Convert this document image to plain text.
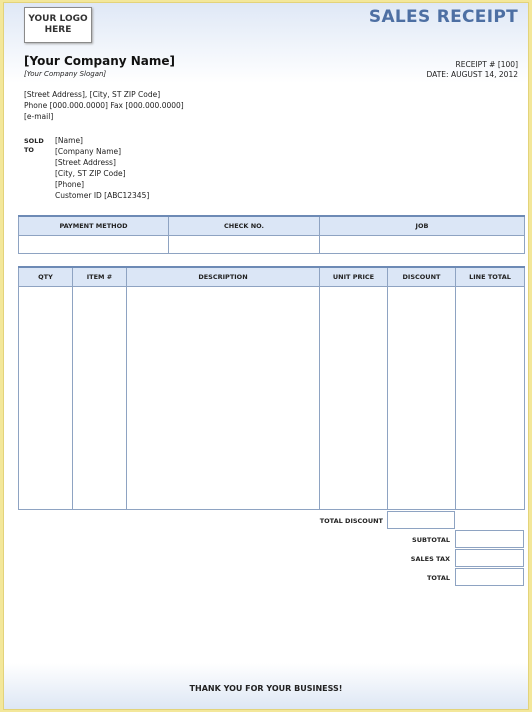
YOUR LOGO
HERE
SALES RECEIPT
[Your Company Name]
[Your Company Slogan]
RECEIPT # [100]
DATE: AUGUST 14, 2012
[Street Address], [City, ST ZIP Code]
Phone [000.000.0000] Fax [000.000.0000]
[e-mail]
SOLD
TO
[Name]
[Company Name]
[Street Address]
[City, ST ZIP Code]
[Phone]
Customer ID [ABC12345]
PAYMENT METHOD	CHECK NO.	JOB

QTY	ITEM #	DESCRIPTION	UNIT PRICE	DISCOUNT	LINE TOTAL

TOTAL DISCOUNT
SUBTOTAL
SALES TAX
TOTAL
THANK YOU FOR YOUR BUSINESS!
